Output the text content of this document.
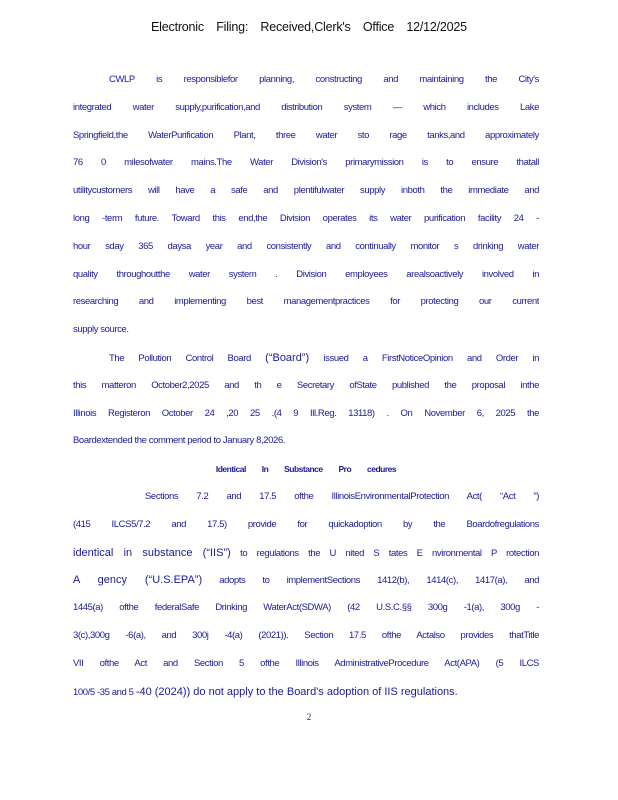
Electronic Filing: Received,Clerk's Office 12/12/2025
CWLP is responsiblefor planning, constructing and maintaining the City's
integrated water supply,purification,and distribution system — which includes Lake
Springfield,the WaterPurification Plant, three water sto rage tanks,and approximately
76 0 milesofwater mains.The Water Division's primarymission is to ensure thatall
utilitycustomers will have a safe and plentifulwater supply inboth the immediate and
long -term future. Toward this end,the Division operates its water purification facility 24 -
hour sday 365 daysa year and consistently and continually monitor s drinking water
quality throughoutthe water system . Division employees arealsoactively involved in
researching and implementing best managementpractices for protecting our current
supply source.
The Pollution Control Board (“Board”) issued a FirstNoticeOpinion and Order in
this matteron October2,2025 and th e Secretary ofState published the proposal inthe
Illinois Registeron October 24 ,20 25 .(4 9 Ill.Reg. 13118) . On November 6, 2025 the
Boardextended the comment period to January 8,2026.
Identical In Substance Pro cedures
Sections 7.2 and 17.5 ofthe IllinoisEnvironmentalProtection Act( “Act ”)
(415 ILCS5/7.2 and 17.5) provide for quickadoption by the Boardofregulations
identical in substance (“IIS”) to regulations the U nited S tates E nvironmental P rotection
A gency (“U.S.EPA”) adopts to implementSections 1412(b), 1414(c), 1417(a), and
1445(a) ofthe federalSafe Drinking WaterAct(SDWA) (42 U.S.C.§§ 300g -1(a), 300g -
3(c),300g -6(a), and 300j -4(a) (2021)). Section 17.5 ofthe Actalso provides thatTitle
VII ofthe Act and Section 5 ofthe Illinois AdministrativeProcedure Act(APA) (5 ILCS
100/5 -35 and 5 -40 (2024)) do not apply to the Board's adoption of IIS regulations.
2
